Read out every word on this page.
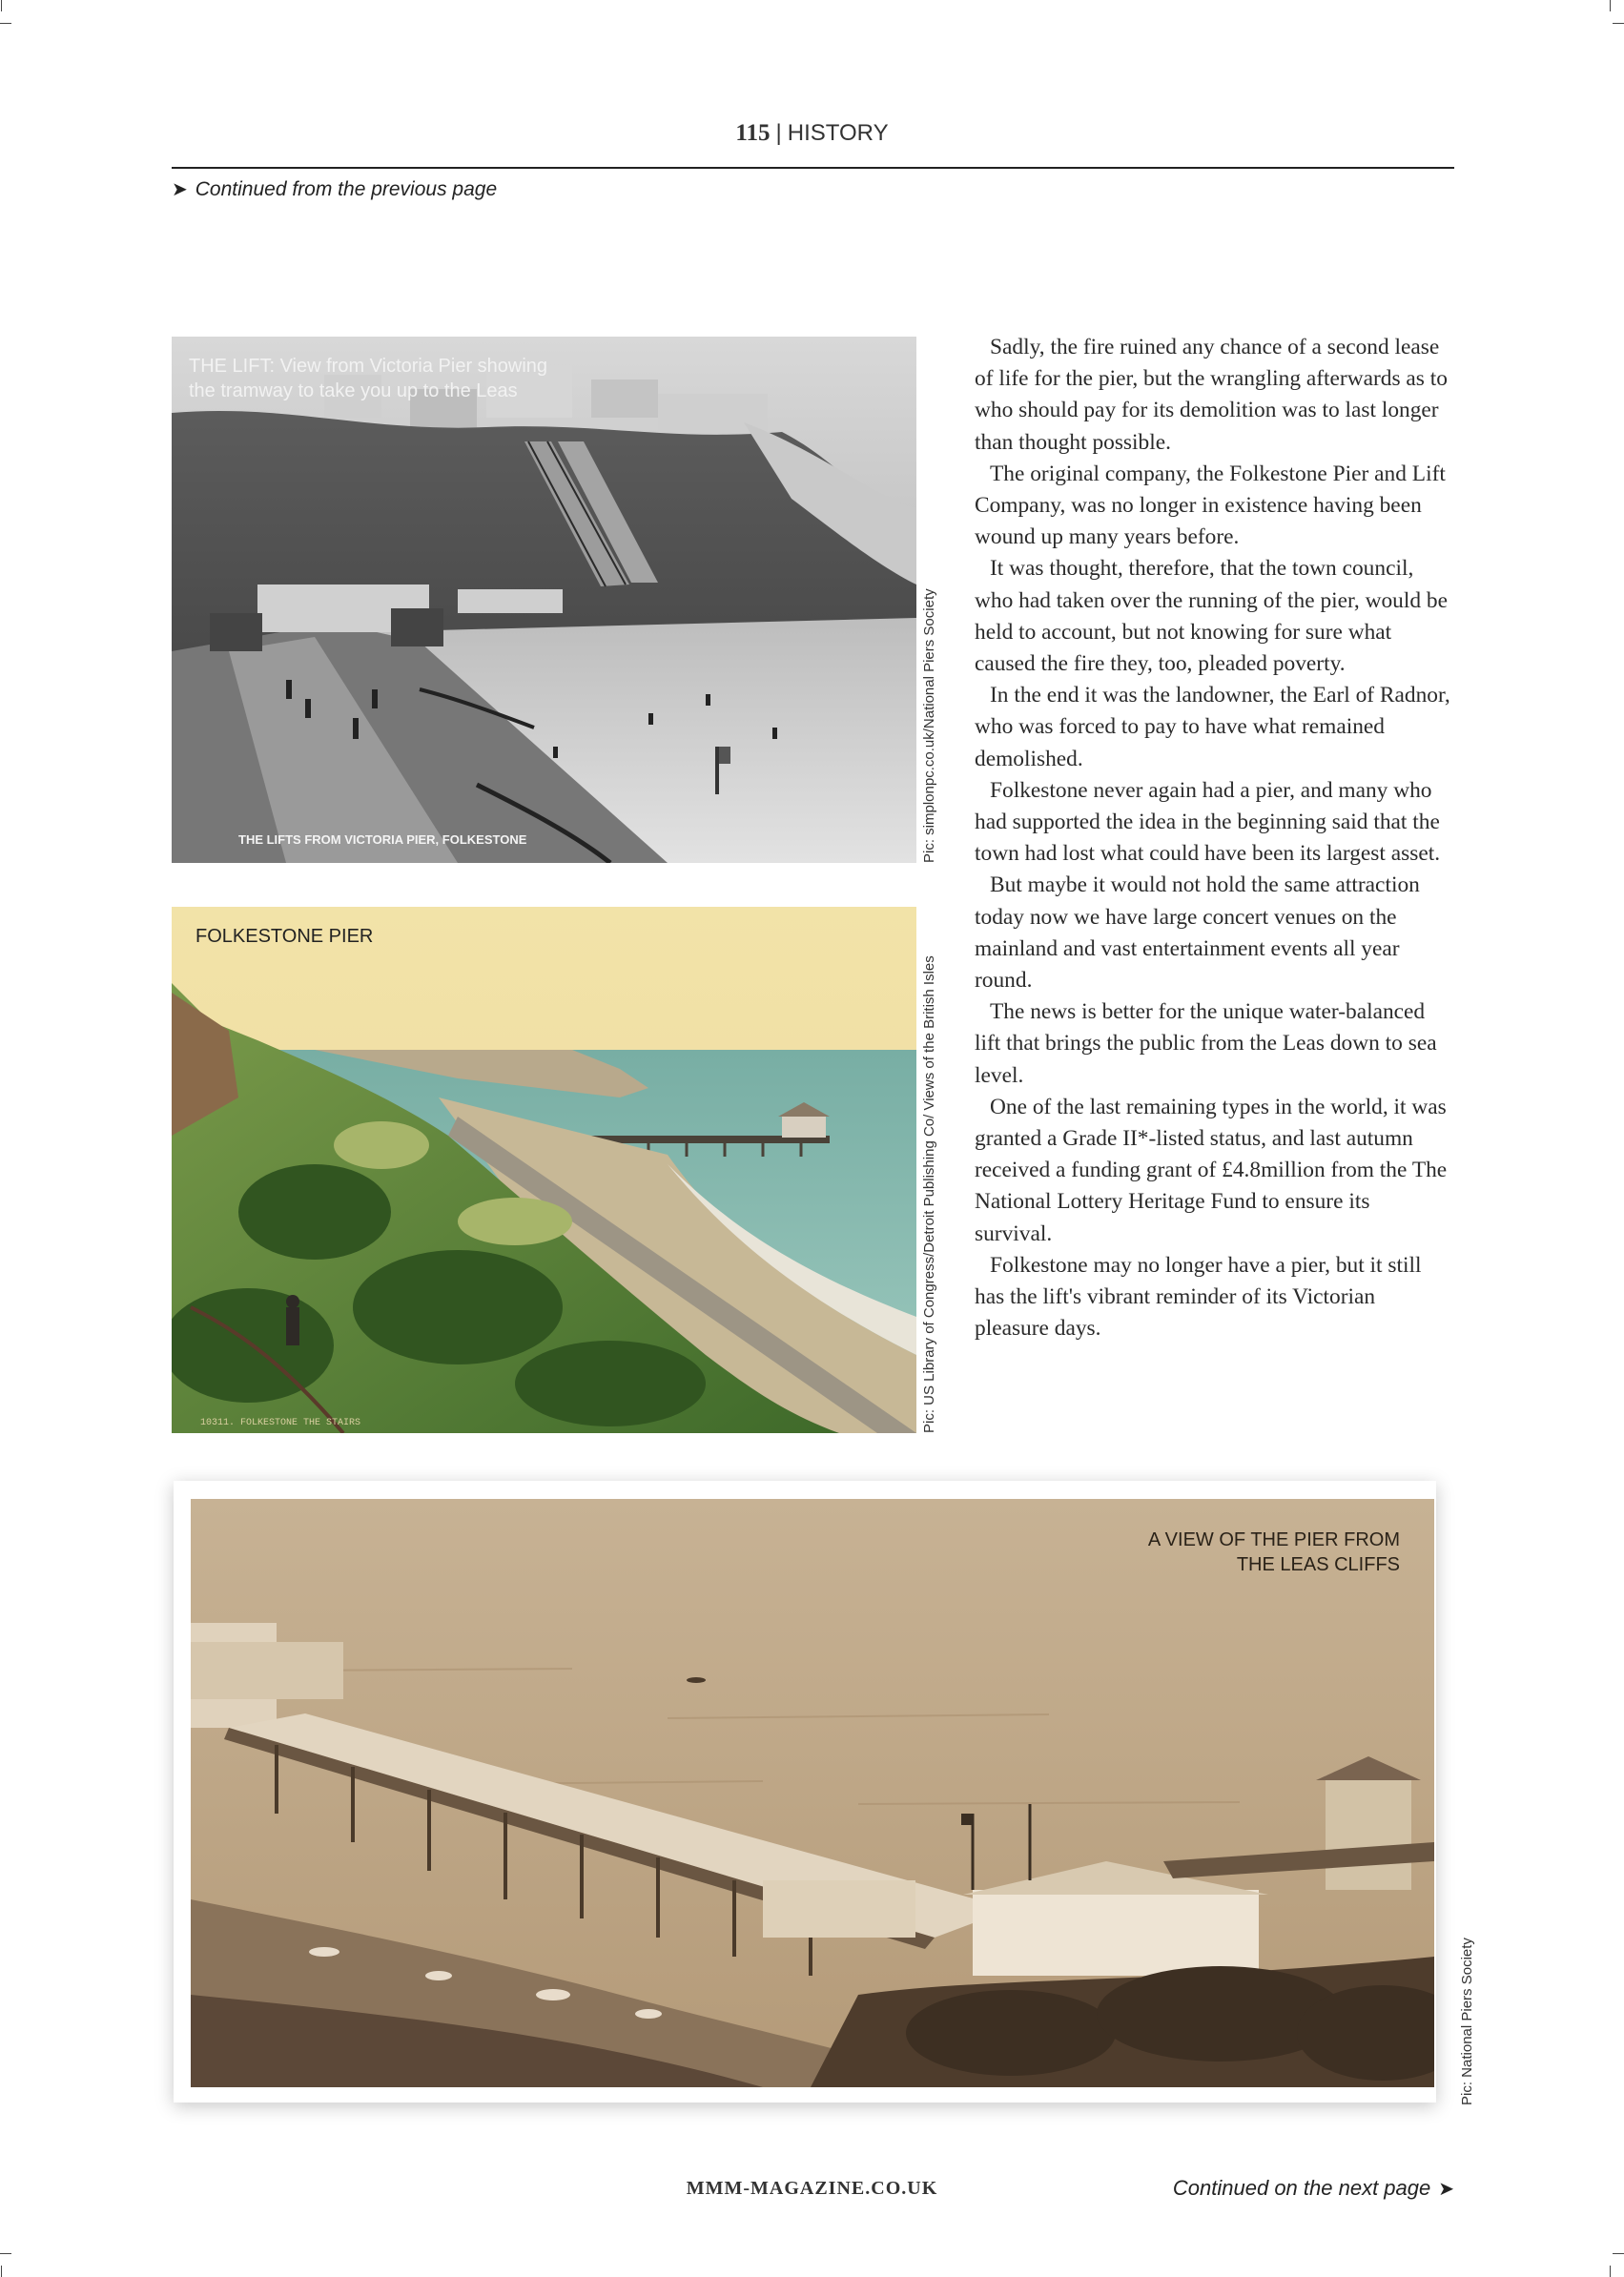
115 | HISTORY
➤ Continued from the previous page
THE LIFTS FROM VICTORIA PIER, FOLKESTONE
THE LIFT: View from Victoria Pier showing the tramway to take you up to the Leas
Pic: simplonpc.co.uk/National Piers Society
10311. FOLKESTONE THE STAIRS
FOLKESTONE PIER
Pic: US Library of Congress/Detroit Publishing Co/ Views of the British Isles

Sadly, the fire ruined any chance of a second lease of life for the pier, but the wrangling afterwards as to who should pay for its demolition was to last longer than thought possible.

The original company, the Folkestone Pier and Lift Company, was no longer in existence having been wound up many years before.

It was thought, therefore, that the town council, who had taken over the running of the pier, would be held to account, but not knowing for sure what caused the fire they, too, pleaded poverty.

In the end it was the landowner, the Earl of Radnor, who was forced to pay to have what remained demolished.

Folkestone never again had a pier, and many who had supported the idea in the beginning said that the town had lost what could have been its largest asset.

But maybe it would not hold the same attraction today now we have large concert venues on the mainland and vast entertainment events all year round.

The news is better for the unique water-balanced lift that brings the public from the Leas down to sea level.

One of the last remaining types in the world, it was granted a Grade II*-listed status, and last autumn received a funding grant of £4.8million from the The National Lottery Heritage Fund to ensure its survival.

Folkestone may no longer have a pier, but it still has the lift's vibrant reminder of its Victorian pleasure days.

A VIEW OF THE PIER FROM THE LEAS CLIFFS
Pic: National Piers Society
MMM-MAGAZINE.CO.UK	Continued on the next page ➤
